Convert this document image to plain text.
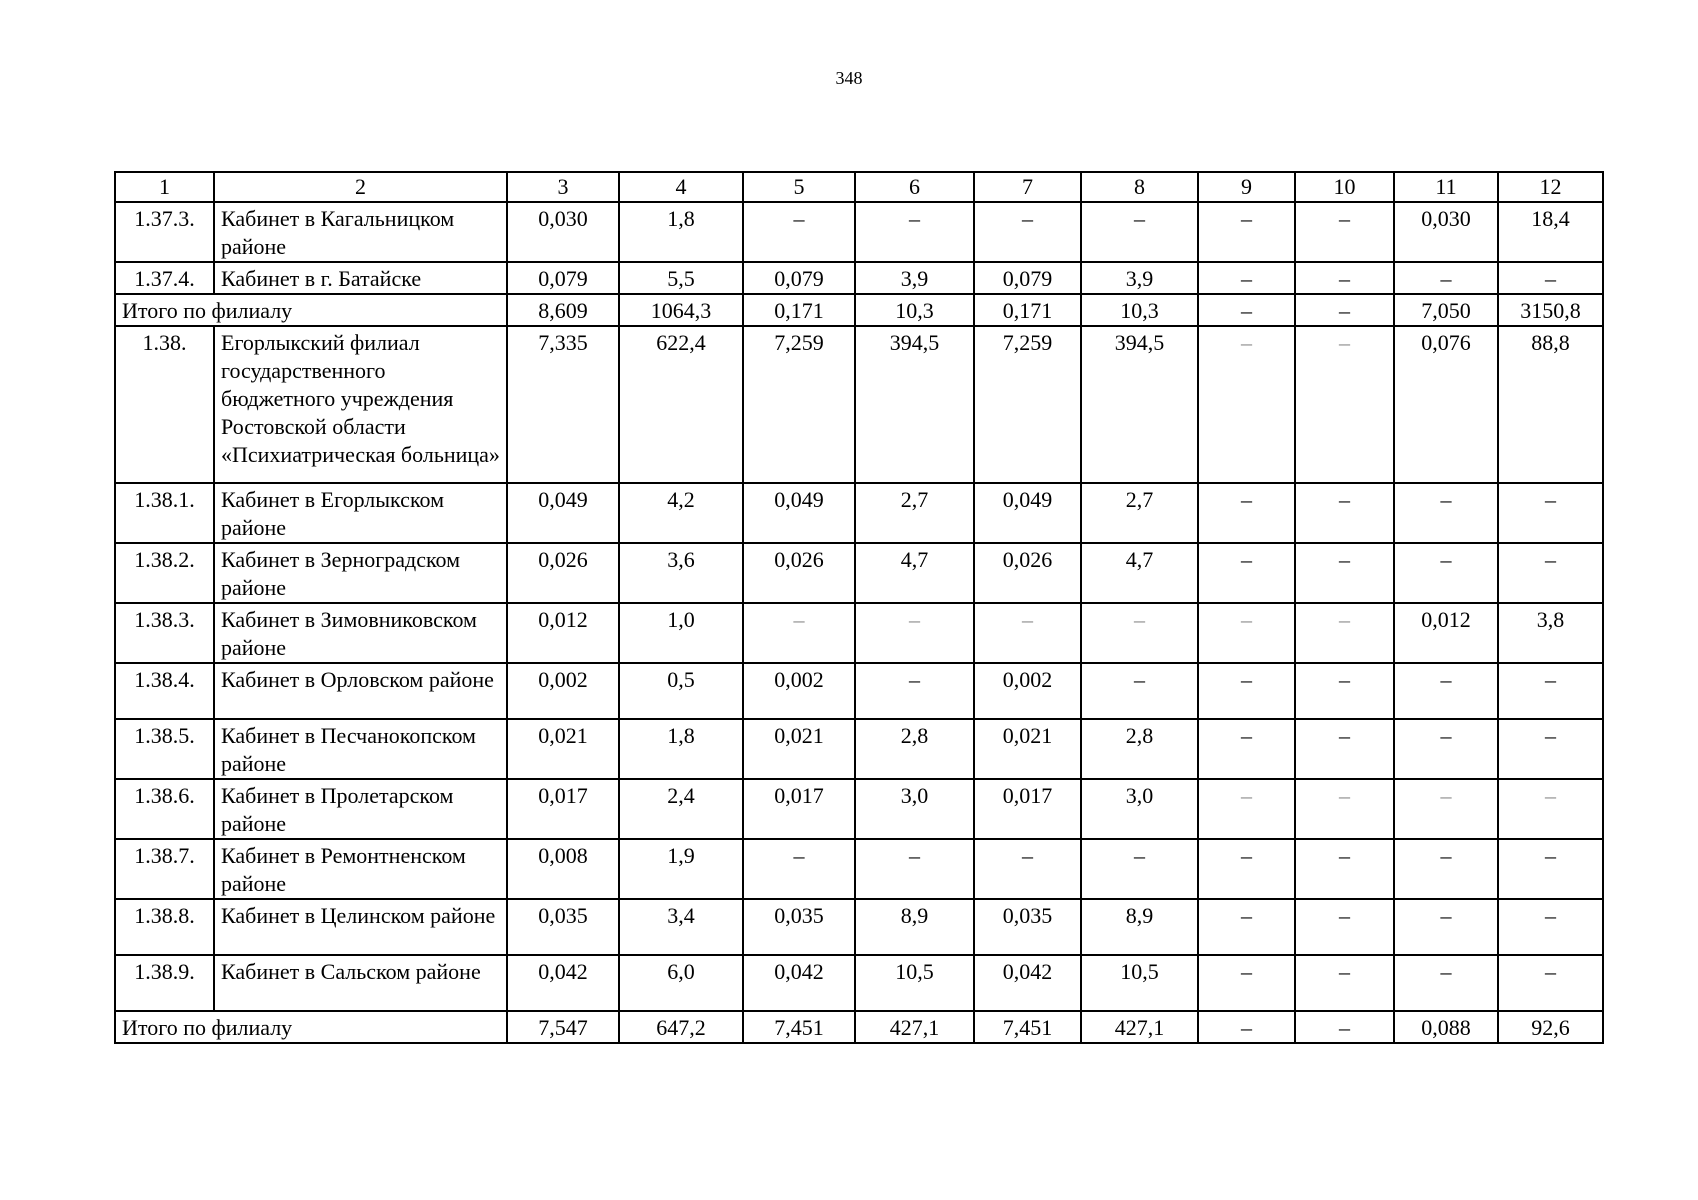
348
1	2	3	4	5	6	7	8	9	10	11	12
1.37.3.	Кабинет в Кагальницком районе	0,030	1,8	–	–	–	–	–	–	0,030	18,4
1.37.4.	Кабинет в г. Батайске	0,079	5,5	0,079	3,9	0,079	3,9	–	–	–	–
Итого по филиалу		8,609	1064,3	0,171	10,3	0,171	10,3	–	–	7,050	3150,8
1.38.	Егорлыкский филиал государственного бюджетного учреждения Ростовской области «Психиатрическая больница»	7,335	622,4	7,259	394,5	7,259	394,5	–	–	0,076	88,8
1.38.1.	Кабинет в Егорлыкском районе	0,049	4,2	0,049	2,7	0,049	2,7	–	–	–	–
1.38.2.	Кабинет в Зерноградском районе	0,026	3,6	0,026	4,7	0,026	4,7	–	–	–	–
1.38.3.	Кабинет в Зимовниковском районе	0,012	1,0	–	–	–	–	–	–	0,012	3,8
1.38.4.	Кабинет в Орловском районе	0,002	0,5	0,002	–	0,002	–	–	–	–	–
1.38.5.	Кабинет в Песчанокопском районе	0,021	1,8	0,021	2,8	0,021	2,8	–	–	–	–
1.38.6.	Кабинет в Пролетарском районе	0,017	2,4	0,017	3,0	0,017	3,0	–	–	–	–
1.38.7.	Кабинет в Ремонтненском районе	0,008	1,9	–	–	–	–	–	–	–	–
1.38.8.	Кабинет в Целинском районе	0,035	3,4	0,035	8,9	0,035	8,9	–	–	–	–
1.38.9.	Кабинет в Сальском районе	0,042	6,0	0,042	10,5	0,042	10,5	–	–	–	–
Итого по филиалу		7,547	647,2	7,451	427,1	7,451	427,1	–	–	0,088	92,6
